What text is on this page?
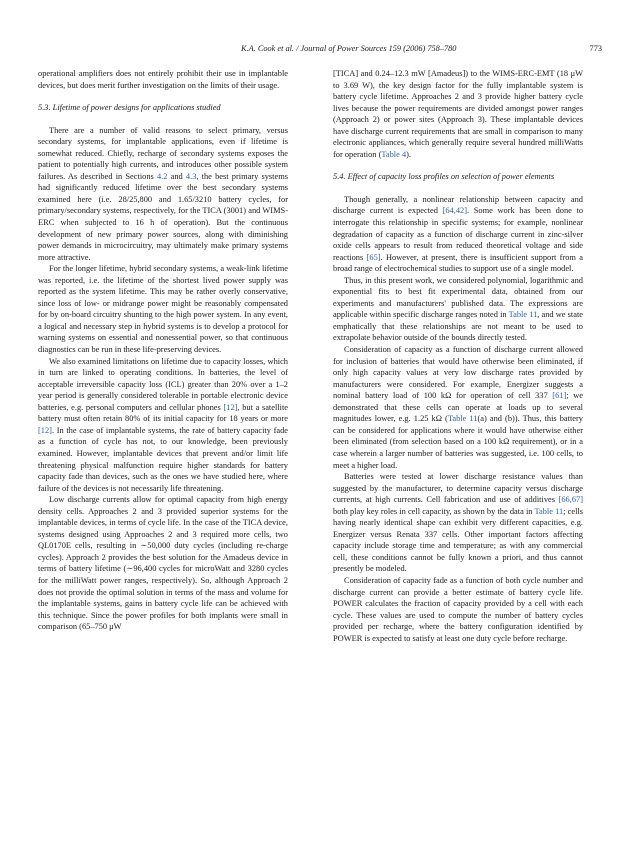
K.A. Cook et al. / Journal of Power Sources 159 (2006) 758–780	773

operational amplifiers does not entirely prohibit their use in implantable devices, but does merit further investigation on the limits of their usage.

5.3. Lifetime of power designs for applications studied

There are a number of valid reasons to select primary, versus secondary systems, for implantable applications, even if lifetime is somewhat reduced. Chiefly, recharge of secondary systems exposes the patient to potentially high currents, and introduces other possible system failures. As described in Sections 4.2 and 4.3, the best primary systems had significantly reduced lifetime over the best secondary systems examined here (i.e. 28/25,800 and 1.65/3210 battery cycles, for primary/secondary systems, respectively, for the TICA (3001) and WIMS-ERC when subjected to 16 h of operation). But the continuous development of new primary power sources, along with diminishing power demands in microcircuitry, may ultimately make primary systems more attractive.

For the longer lifetime, hybrid secondary systems, a weak-link lifetime was reported, i.e. the lifetime of the shortest lived power supply was reported as the system lifetime. This may be rather overly conservative, since loss of low- or midrange power might be reasonably compensated for by on-board circuitry shunting to the high power system. In any event, a logical and necessary step in hybrid systems is to develop a protocol for warning systems on essential and nonessential power, so that continuous diagnostics can be run in these life-preserving devices.

We also examined limitations on lifetime due to capacity losses, which in turn are linked to operating conditions. In batteries, the level of acceptable irreversible capacity loss (ICL) greater than 20% over a 1–2 year period is generally considered tolerable in portable electronic device batteries, e.g. personal computers and cellular phones [12], but a satellite battery must often retain 80% of its initial capacity for 18 years or more [12]. In the case of implantable systems, the rate of battery capacity fade as a function of cycle has not, to our knowledge, been previously examined. However, implantable devices that prevent and/or limit life threatening physical malfunction require higher standards for battery capacity fade than devices, such as the ones we have studied here, where failure of the devices is not necessarily life threatening.

Low discharge currents allow for optimal capacity from high energy density cells. Approaches 2 and 3 provided superior systems for the implantable devices, in terms of cycle life. In the case of the TICA device, systems designed using Approaches 2 and 3 required more cells, two QL0170E cells, resulting in ∼50,000 duty cycles (including re-charge cycles). Approach 2 provides the best solution for the Amadeus device in terms of battery lifetime (∼96,400 cycles for microWatt and 3280 cycles for the milliWatt power ranges, respectively). So, although Approach 2 does not provide the optimal solution in terms of the mass and volume for the implantable systems, gains in battery cycle life can be achieved with this technique. Since the power profiles for both implants were small in comparison (65–750 μW

[TICA] and 0.24–12.3 mW [Amadeus]) to the WIMS-ERC-EMT (18 μW to 3.69 W), the key design factor for the fully implantable system is battery cycle lifetime. Approaches 2 and 3 provide higher battery cycle lives because the power requirements are divided amongst power ranges (Approach 2) or power sites (Approach 3). These implantable devices have discharge current requirements that are small in comparison to many electronic appliances, which generally require several hundred milliWatts for operation (Table 4).

5.4. Effect of capacity loss profiles on selection of power elements

Though generally, a nonlinear relationship between capacity and discharge current is expected [64,42]. Some work has been done to interrogate this relationship in specific systems; for example, nonlinear degradation of capacity as a function of discharge current in zinc-silver oxide cells appears to result from reduced theoretical voltage and side reactions [65]. However, at present, there is insufficient support from a broad range of electrochemical studies to support use of a single model.

Thus, in this present work, we considered polynomial, logarithmic and exponential fits to best fit experimental data, obtained from our experiments and manufacturers' published data. The expressions are applicable within specific discharge ranges noted in Table 11, and we state emphatically that these relationships are not meant to be used to extrapolate behavior outside of the bounds directly tested.

Consideration of capacity as a function of discharge current allowed for inclusion of batteries that would have otherwise been eliminated, if only high capacity values at very low discharge rates provided by manufacturers were considered. For example, Energizer suggests a nominal battery load of 100 kΩ for operation of cell 337 [61]; we demonstrated that these cells can operate at loads up to several magnitudes lower, e.g. 1.25 kΩ (Table 11(a) and (b)). Thus, this battery can be considered for applications where it would have otherwise either been eliminated (from selection based on a 100 kΩ requirement), or in a case wherein a larger number of batteries was suggested, i.e. 100 cells, to meet a higher load.

Batteries were tested at lower discharge resistance values than suggested by the manufacturer, to determine capacity versus discharge currents, at high currents. Cell fabrication and use of additives [66,67] both play key roles in cell capacity, as shown by the data in Table 11; cells having nearly identical shape can exhibit very different capacities, e.g. Energizer versus Renata 337 cells. Other important factors affecting capacity include storage time and temperature; as with any commercial cell, these conditions cannot be fully known a priori, and thus cannot presently be modeled.

Consideration of capacity fade as a function of both cycle number and discharge current can provide a better estimate of battery cycle life. POWER calculates the fraction of capacity provided by a cell with each cycle. These values are used to compute the number of battery cycles provided per recharge, where the battery configuration identified by POWER is expected to satisfy at least one duty cycle before recharge.
